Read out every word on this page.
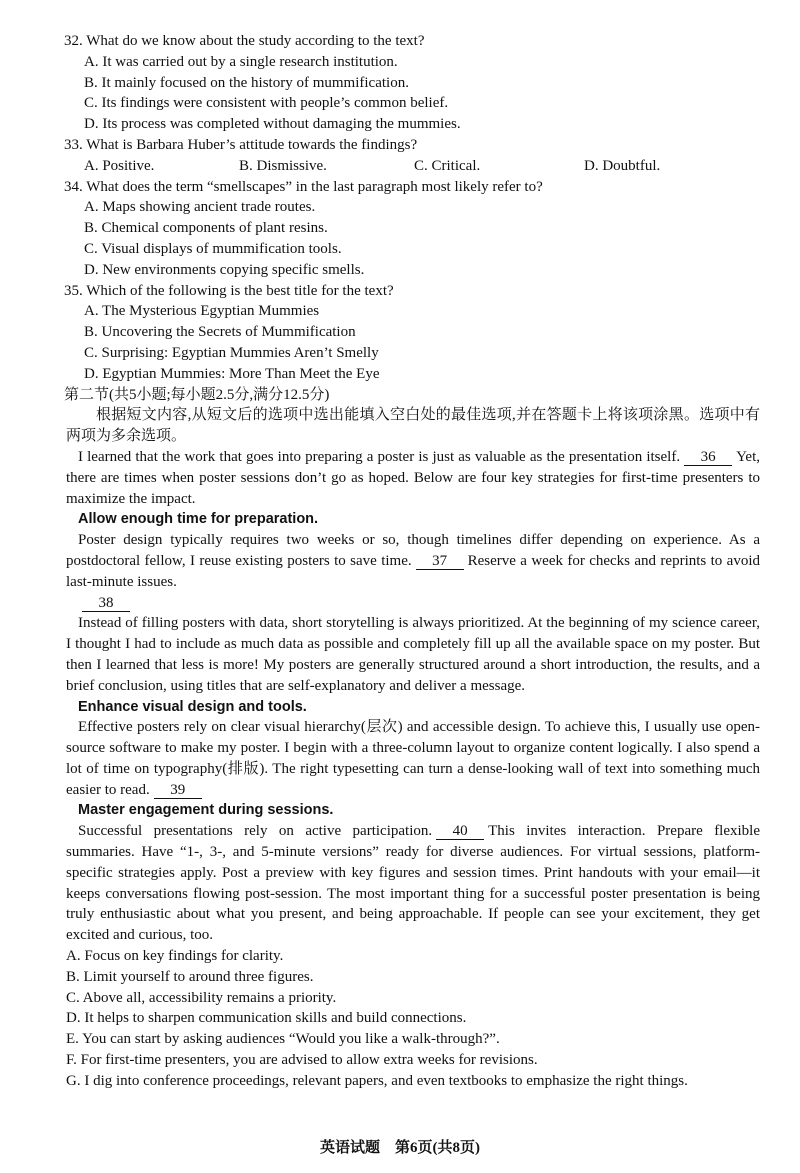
32. What do we know about the study according to the text?
A. It was carried out by a single research institution.
B. It mainly focused on the history of mummification.
C. Its findings were consistent with people’s common belief.
D. Its process was completed without damaging the mummies.
33. What is Barbara Huber’s attitude towards the findings?
A. Positive.	B. Dismissive.	C. Critical.	D. Doubtful.
34. What does the term “smellscapes” in the last paragraph most likely refer to?
A. Maps showing ancient trade routes.
B. Chemical components of plant resins.
C. Visual displays of mummification tools.
D. New environments copying specific smells.
35. Which of the following is the best title for the text?
A. The Mysterious Egyptian Mummies
B. Uncovering the Secrets of Mummification
C. Surprising: Egyptian Mummies Aren’t Smelly
D. Egyptian Mummies: More Than Meet the Eye
第二节(共5小题;每小题2.5分,满分12.5分)
根据短文内容,从短文后的选项中选出能填入空白处的最佳选项,并在答题卡上将该项涂黑。选项中有两项为多余选项。
I learned that the work that goes into preparing a poster is just as valuable as the presentation itself. 36 Yet, there are times when poster sessions don’t go as hoped. Below are four key strategies for first-time presenters to maximize the impact.
Allow enough time for preparation.
Poster design typically requires two weeks or so, though timelines differ depending on experience. As a postdoctoral fellow, I reuse existing posters to save time. 37 Reserve a week for checks and reprints to avoid last-minute issues.
38
Instead of filling posters with data, short storytelling is always prioritized. At the beginning of my science career, I thought I had to include as much data as possible and completely fill up all the available space on my poster. But then I learned that less is more! My posters are generally structured around a short introduction, the results, and a brief conclusion, using titles that are self-explanatory and deliver a message.
Enhance visual design and tools.
Effective posters rely on clear visual hierarchy(层次) and accessible design. To achieve this, I usually use open-source software to make my poster. I begin with a three-column layout to organize content logically. I also spend a lot of time on typography(排版). The right typesetting can turn a dense-looking wall of text into something much easier to read. 39
Master engagement during sessions.
Successful presentations rely on active participation. 40 This invites interaction. Prepare flexible summaries. Have “1-, 3-, and 5-minute versions” ready for diverse audiences. For virtual sessions, platform-specific strategies apply. Post a preview with key figures and session times. Print handouts with your email—it keeps conversations flowing post-session. The most important thing for a successful poster presentation is being truly enthusiastic about what you present, and being approachable. If people can see your excitement, they get excited and curious, too.
A. Focus on key findings for clarity.
B. Limit yourself to around three figures.
C. Above all, accessibility remains a priority.
D. It helps to sharpen communication skills and build connections.
E. You can start by asking audiences “Would you like a walk-through?”.
F. For first-time presenters, you are advised to allow extra weeks for revisions.
G. I dig into conference proceedings, relevant papers, and even textbooks to emphasize the right things.
英语试题　第6页(共8页)
